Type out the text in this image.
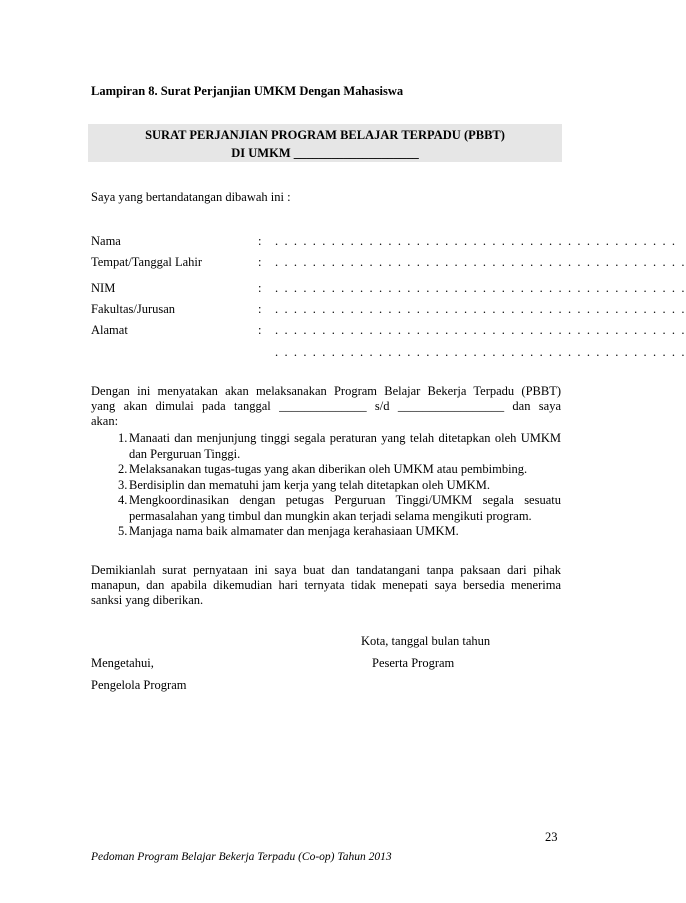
Lampiran 8. Surat Perjanjian UMKM Dengan Mahasiswa
SURAT PERJANJIAN PROGRAM BELAJAR TERPADU (PBBT)
DI UMKM ____________________
Saya yang bertandatangan dibawah ini :
Nama	: . . . . . . . . . . . . . . . . . . . . . . . . . . . . . . . . . . . . . . . . . . .
Tempat/Tanggal Lahir	: . . . . . . . . . . . . . . . . . . . . . . . . . . . . . . . . . . . . . . . . . . . .
NIM	: . . . . . . . . . . . . . . . . . . . . . . . . . . . . . . . . . . . . . . . . . . . .
Fakultas/Jurusan	: . . . . . . . . . . . . . . . . . . . . . . . . . . . . . . . . . . . . . . . . . . . .
Alamat	: . . . . . . . . . . . . . . . . . . . . . . . . . . . . . . . . . . . . . . . . . . . .
. . . . . . . . . . . . . . . . . . . . . . . . . . . . . . . . . . . . . . . . . . . .
Dengan ini menyatakan akan melaksanakan Program Belajar Bekerja Terpadu (PBBT)
yang akan dimulai pada tanggal ______________ s/d _________________ dan saya
akan:
1. Manaati dan menjunjung tinggi segala peraturan yang telah ditetapkan oleh UMKM dan Perguruan Tinggi.
2. Melaksanakan tugas-tugas yang akan diberikan oleh UMKM atau pembimbing.
3. Berdisiplin dan mematuhi jam kerja yang telah ditetapkan oleh UMKM.
4. Mengkoordinasikan dengan petugas Perguruan Tinggi/UMKM segala sesuatu permasalahan yang timbul dan mungkin akan terjadi selama mengikuti program.
5. Manjaga nama baik almamater dan menjaga kerahasiaan UMKM.
Demikianlah surat pernyataan ini saya buat dan tandatangani tanpa paksaan dari pihak
manapun, dan apabila dikemudian hari ternyata tidak menepati saya bersedia menerima
sanksi yang diberikan.
Kota, tanggal bulan tahun
Mengetahui,	Peserta Program
Pengelola Program
23
Pedoman Program Belajar Bekerja Terpadu (Co-op) Tahun 2013
